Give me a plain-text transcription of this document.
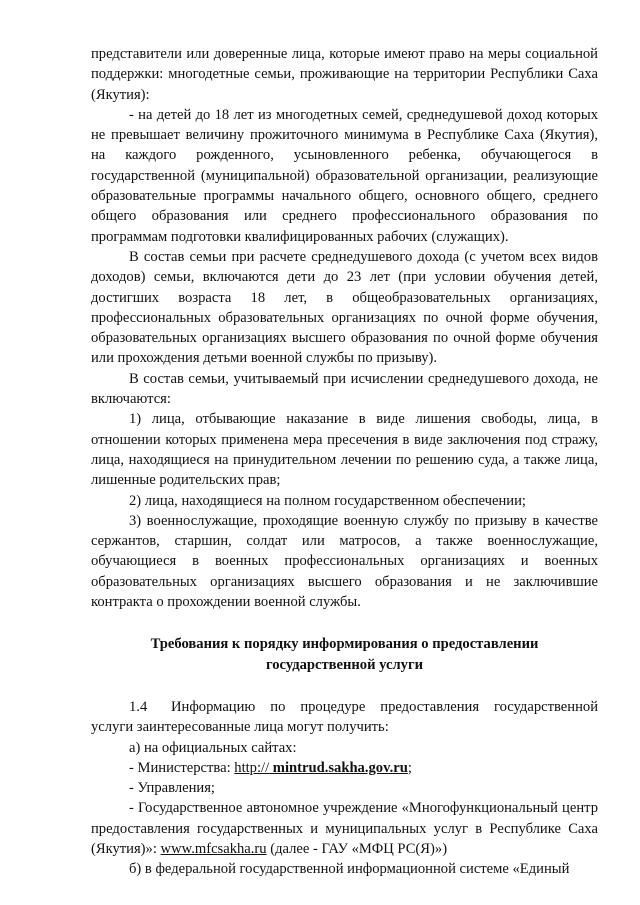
представители или доверенные лица, которые имеют право на меры социальной поддержки: многодетные семьи, проживающие на территории Республики Саха (Якутия):

- на детей до 18 лет из многодетных семей, среднедушевой доход которых не превышает величину прожиточного минимума в Республике Саха (Якутия), на каждого рожденного, усыновленного ребенка, обучающегося в государственной (муниципальной) образовательной организации, реализующие образовательные программы начального общего, основного общего, среднего общего образования или среднего профессионального образования по программам подготовки квалифицированных рабочих (служащих).

В состав семьи при расчете среднедушевого дохода (с учетом всех видов доходов) семьи, включаются дети до 23 лет (при условии обучения детей, достигших возраста 18 лет, в общеобразовательных организациях, профессиональных образовательных организациях по очной форме обучения, образовательных организациях высшего образования по очной форме обучения или прохождения детьми военной службы по призыву).

В состав семьи, учитываемый при исчислении среднедушевого дохода, не включаются:

1) лица, отбывающие наказание в виде лишения свободы, лица, в отношении которых применена мера пресечения в виде заключения под стражу, лица, находящиеся на принудительном лечении по решению суда, а также лица, лишенные родительских прав;

2) лица, находящиеся на полном государственном обеспечении;

3) военнослужащие, проходящие военную службу по призыву в качестве сержантов, старшин, солдат или матросов, а также военнослужащие, обучающиеся в военных профессиональных организациях и военных образовательных организациях высшего образования и не заключившие контракта о прохождении военной службы.

Требования к порядку информирования о предоставлении
государственной услуги

1.4 Информацию по процедуре предоставления государственной услуги заинтересованные лица могут получить:

а) на официальных сайтах:

- Министерства: http:// mintrud.sakha.gov.ru;

- Управления;

- Государственное автономное учреждение «Многофункциональный центр предоставления государственных и муниципальных услуг в Республике Саха (Якутия)»: www.mfcsakha.ru (далее - ГАУ «МФЦ РС(Я)»)

б) в федеральной государственной информационной системе «Единый
